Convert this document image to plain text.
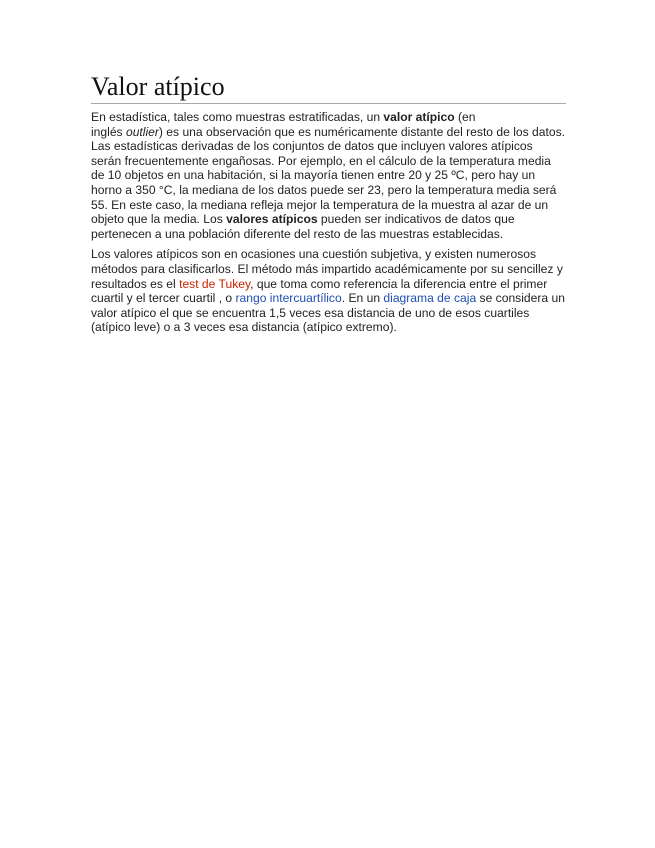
Valor atípico

En estadística, tales como muestras estratificadas, un valor atípico (en
inglés outlier) es una observación que es numéricamente distante del resto de los datos. Las estadísticas derivadas de los conjuntos de datos que incluyen valores atípicos serán frecuentemente engañosas. Por ejemplo, en el cálculo de la temperatura media de 10 objetos en una habitación, si la mayoría tienen entre 20 y 25 ºC, pero hay un horno a 350 °C, la mediana de los datos puede ser 23, pero la temperatura media será 55. En este caso, la mediana refleja mejor la temperatura de la muestra al azar de un objeto que la media. Los valores atípicos pueden ser indicativos de datos que pertenecen a una población diferente del resto de las muestras establecidas.

Los valores atípicos son en ocasiones una cuestión subjetiva, y existen numerosos métodos para clasificarlos. El método más impartido académicamente por su sencillez y resultados es el test de Tukey, que toma como referencia la diferencia entre el primer cuartil y el tercer cuartil , o rango intercuartílico. En un diagrama de caja se considera un valor atípico el que se encuentra 1,5 veces esa distancia de uno de esos cuartiles (atípico leve) o a 3 veces esa distancia (atípico extremo).
